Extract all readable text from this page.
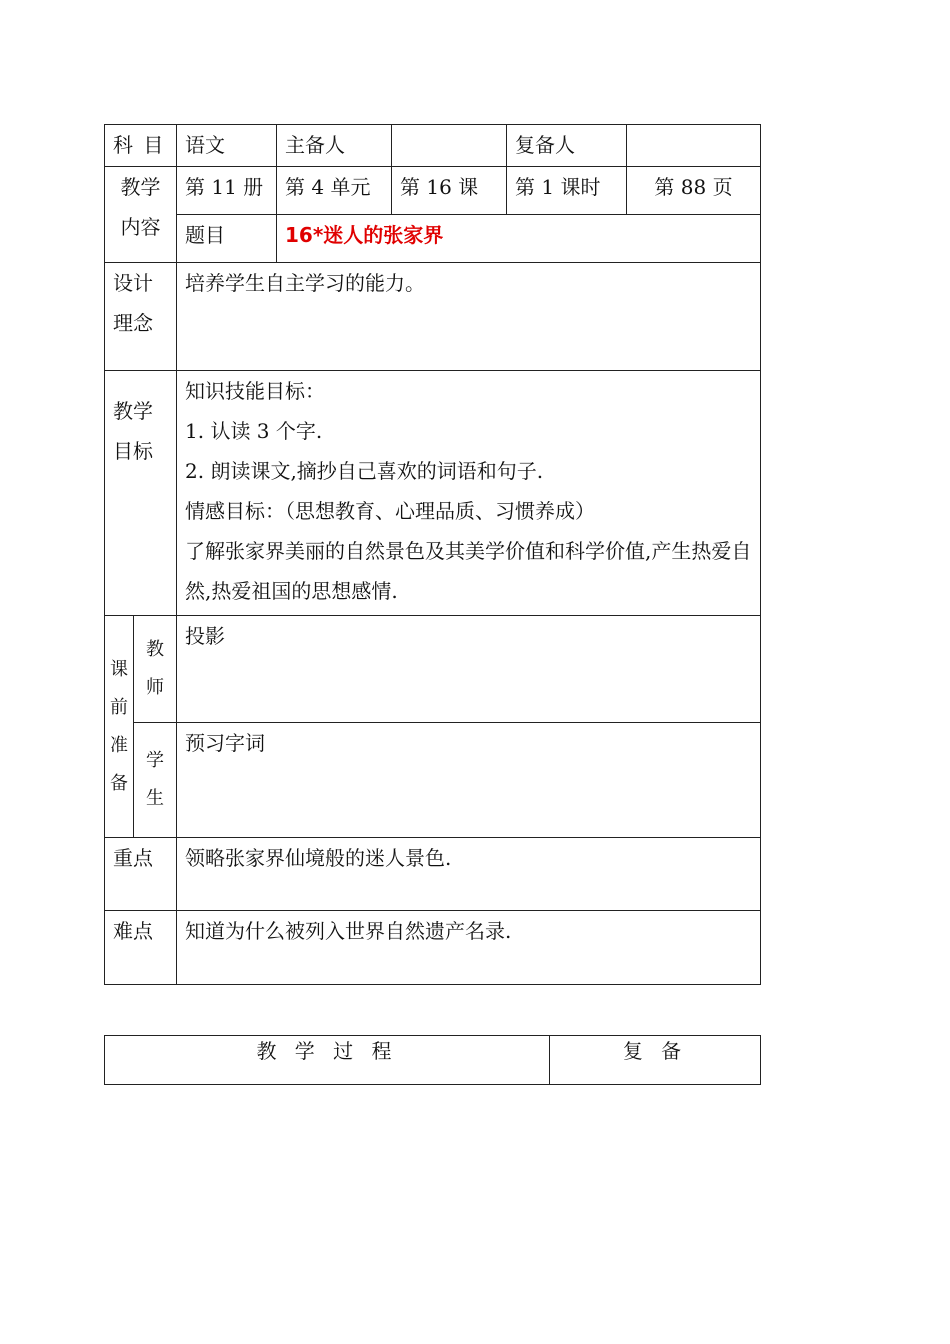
科 目		语文	主备人		复备人	

教学内容		第 11 册	第 4 单元	第 16 课	第 1 课时	第 88 页
		题目	16*迷人的张家界			

设计理念		培养学生自主学习的能力。				

教学目标		知识技能目标：
1. 认读 3 个字.
2. 朗读课文,摘抄自己喜欢的词语和句子.
情感目标：（思想教育、心理品质、习惯养成）
了解张家界美丽的自然景色及其美学价值和科学价值,产生热爱自然,热爱祖国的思想感情.				

课前准备	教师	投影				

	学生	预习字词				
重点		领略张家界仙境般的迷人景色.				
难点		知道为什么被列入世界自然遗产名录.				
教 学 过 程	复 备
